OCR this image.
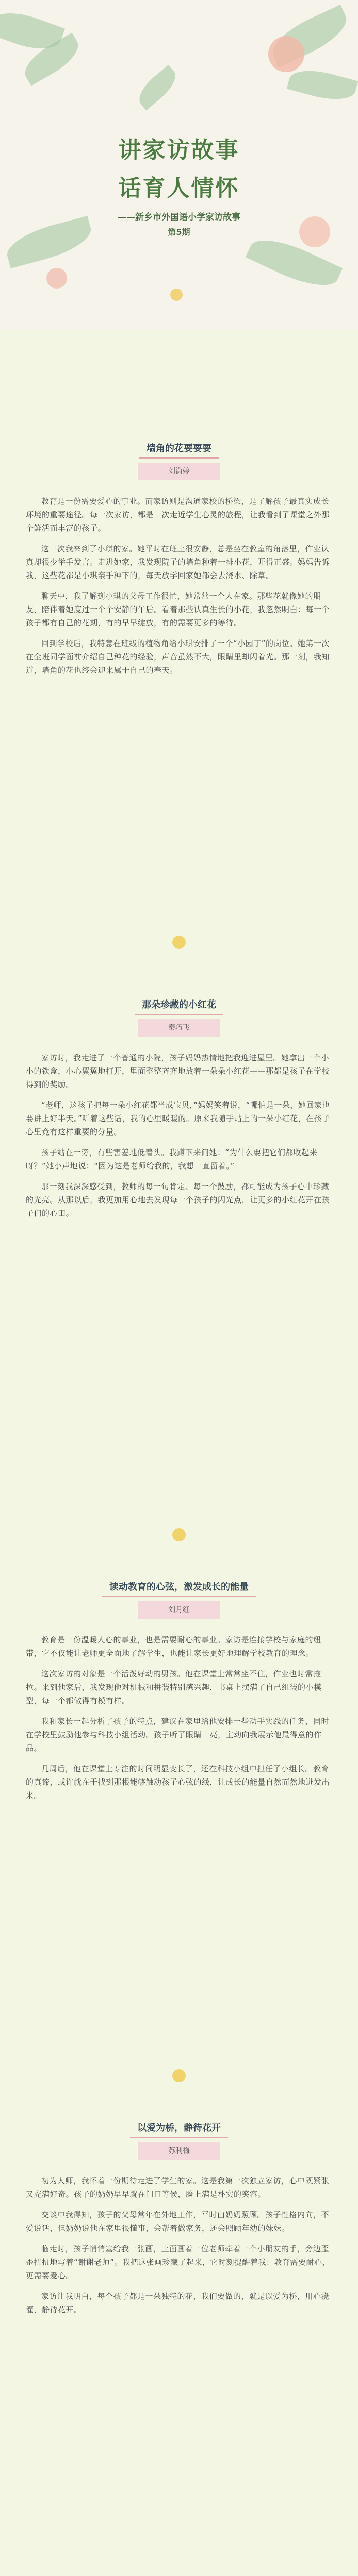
讲家访故事
话育人情怀
——新乡市外国语小学家访故事
第5期
墙角的花要要要
刘潇婷

教育是一份需要爱心的事业。而家访则是沟通家校的桥梁，是了解孩子最真实成长环境的重要途径。每一次家访，都是一次走近学生心灵的旅程，让我看到了课堂之外那个鲜活而丰富的孩子。

这一次我来到了小琪的家。她平时在班上很安静，总是坐在教室的角落里，作业认真却很少举手发言。走进她家，我发现院子的墙角种着一排小花，开得正盛。妈妈告诉我，这些花都是小琪亲手种下的，每天放学回家她都会去浇水、除草。

聊天中，我了解到小琪的父母工作很忙，她常常一个人在家。那些花就像她的朋友，陪伴着她度过一个个安静的午后。看着那些认真生长的小花，我忽然明白：每一个孩子都有自己的花期，有的早早绽放，有的需要更多的等待。

回到学校后，我特意在班级的植物角给小琪安排了一个“小园丁”的岗位。她第一次在全班同学面前介绍自己种花的经验，声音虽然不大，眼睛里却闪着光。那一刻，我知道，墙角的花也终会迎来属于自己的春天。

那朵珍藏的小红花
秦巧飞

家访时，我走进了一个普通的小院，孩子妈妈热情地把我迎进屋里。她拿出一个小小的铁盒，小心翼翼地打开，里面整整齐齐地放着一朵朵小红花——那都是孩子在学校得到的奖励。

“老师，这孩子把每一朵小红花都当成宝贝，”妈妈笑着说，“哪怕是一朵，她回家也要讲上好半天。”听着这些话，我的心里暖暖的。原来我随手贴上的一朵小红花，在孩子心里竟有这样重要的分量。

孩子站在一旁，有些害羞地低着头。我蹲下来问她：“为什么要把它们都收起来呀？”她小声地说：“因为这是老师给我的，我想一直留着。”

那一刻我深深感受到，教师的每一句肯定、每一个鼓励，都可能成为孩子心中珍藏的光亮。从那以后，我更加用心地去发现每一个孩子的闪光点，让更多的小红花开在孩子们的心田。

读动教育的心弦，激发成长的能量
刘月红

教育是一份温暖人心的事业，也是需要耐心的事业。家访是连接学校与家庭的纽带，它不仅能让老师更全面地了解学生，也能让家长更好地理解学校教育的理念。

这次家访的对象是一个活泼好动的男孩。他在课堂上常常坐不住，作业也时常拖拉。来到他家后，我发现他对机械和拼装特别感兴趣，书桌上摆满了自己组装的小模型，每一个都做得有模有样。

我和家长一起分析了孩子的特点，建议在家里给他安排一些动手实践的任务，同时在学校里鼓励他参与科技小组活动。孩子听了眼睛一亮，主动向我展示他最得意的作品。

几周后，他在课堂上专注的时间明显变长了，还在科技小组中担任了小组长。教育的真谛，或许就在于找到那根能够触动孩子心弦的线，让成长的能量自然而然地迸发出来。

以爱为桥，静待花开
苏利梅

初为人师，我怀着一份期待走进了学生的家。这是我第一次独立家访，心中既紧张又充满好奇。孩子的奶奶早早就在门口等候，脸上满是朴实的笑容。

交谈中我得知，孩子的父母常年在外地工作，平时由奶奶照顾。孩子性格内向，不爱说话，但奶奶说他在家里很懂事，会帮着做家务，还会照顾年幼的妹妹。

临走时，孩子悄悄塞给我一张画，上面画着一位老师牵着一个小朋友的手，旁边歪歪扭扭地写着“谢谢老师”。我把这张画珍藏了起来，它时刻提醒着我：教育需要耐心，更需要爱心。

家访让我明白，每个孩子都是一朵独特的花，我们要做的，就是以爱为桥，用心浇灌，静待花开。
